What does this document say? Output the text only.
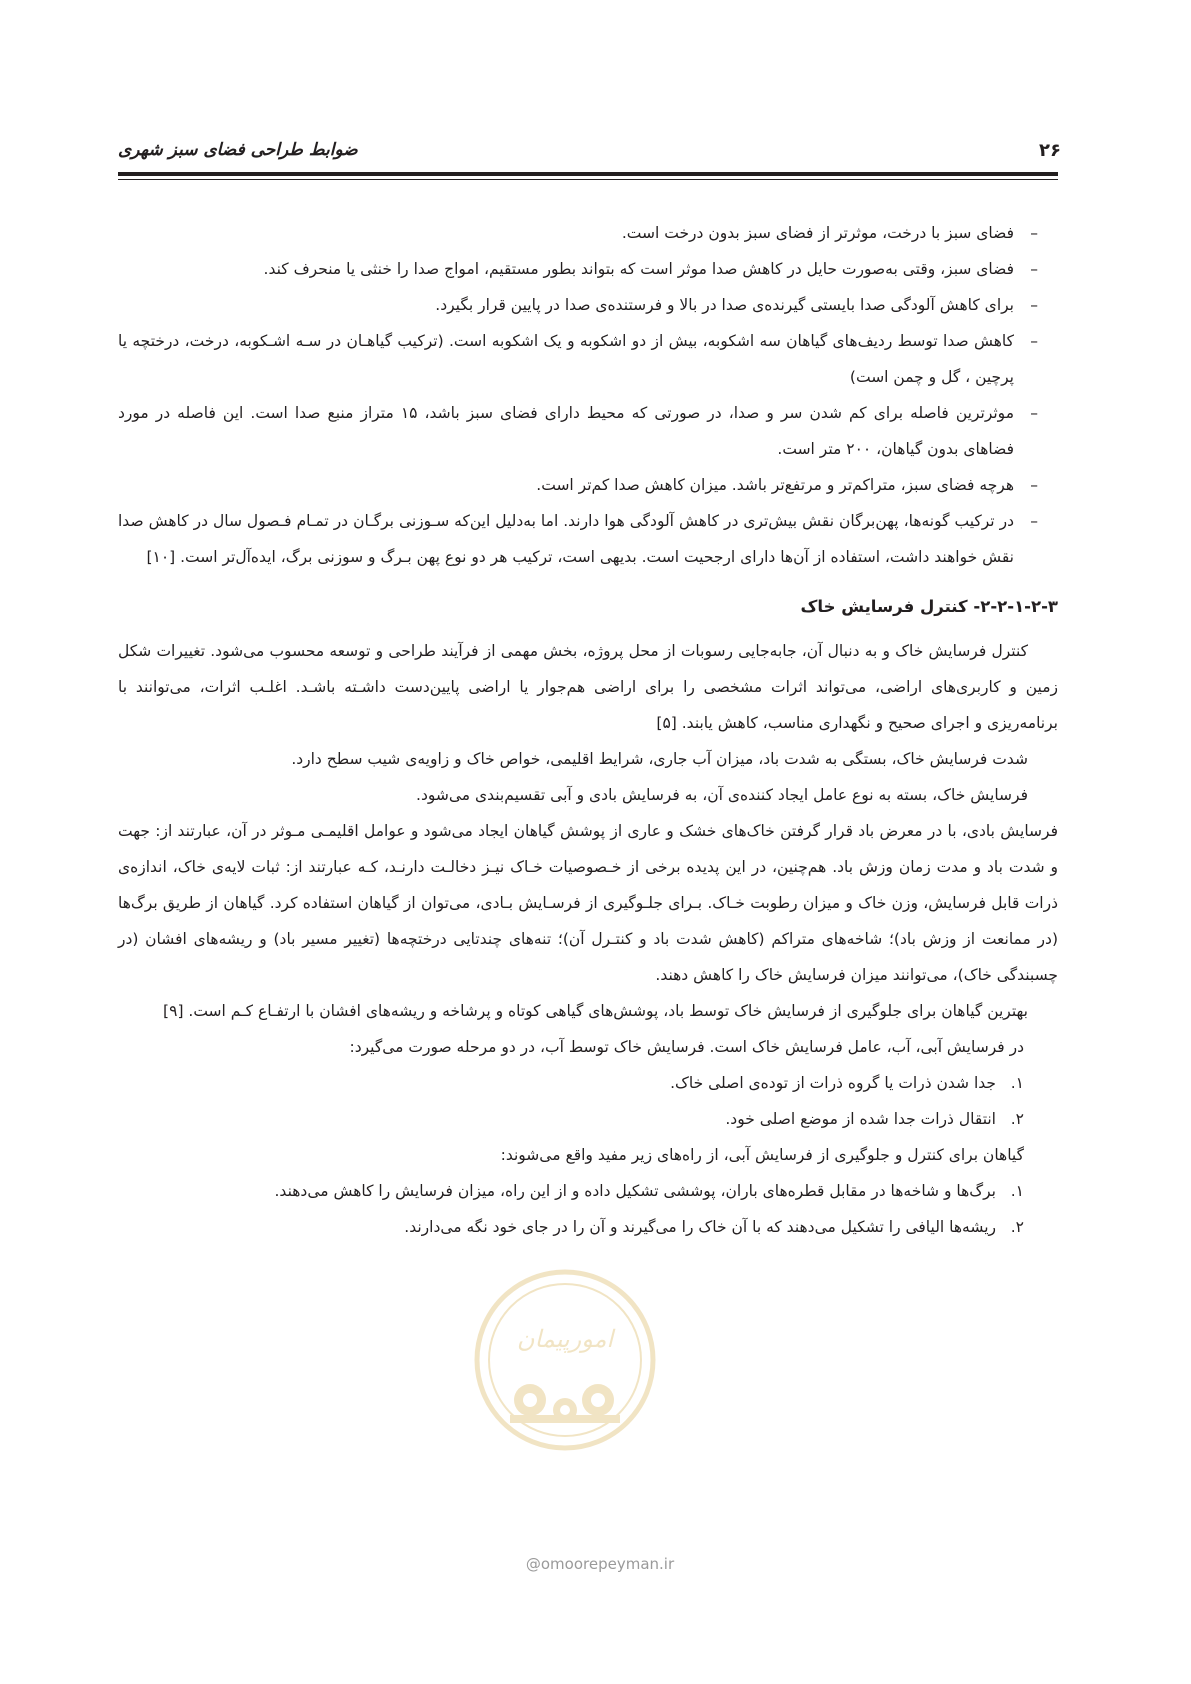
ضوابط طراحی فضای سبز شهری	۲۶
–
فضای سبز با درخت، موثرتر از فضای سبز بدون درخت است.
–
فضای سبز، وقتی به‌صورت حایل در کاهش صدا موثر است که بتواند بطور مستقیم، امواج صدا را خنثی یا منحرف کند.
–
برای کاهش آلودگی صدا بایستی گیرنده‌ی صدا در بالا و فرستنده‌ی صدا در پایین قرار بگیرد.
–
کاهش صدا توسط ردیف‌های گیاهان سه اشکوبه، بیش از دو اشکوبه و یک اشکوبه است. (ترکیب گیاهـان در سـه اشـکوبه، درخت، درختچه یا پرچین ، گل و چمن است)
–
موثرترین فاصله برای کم شدن سر و صدا، در صورتی که محیط دارای فضای سبز باشد، ۱۵ متراز منبع صدا است. این فاصله در مورد فضاهای بدون گیاهان، ۲۰۰ متر است.
–
هرچه فضای سبز، متراکم‌تر و مرتفع‌تر باشد. میزان کاهش صدا کم‌تر است.
–
در ترکیب گونه‌ها، پهن‌برگان نقش بیش‌تری در کاهش آلودگی هوا دارند. اما به‌دلیل این‌که سـوزنی برگـان در تمـام فـصول سال در کاهش صدا نقش خواهند داشت، استفاده از آن‌ها دارای ارجحیت است. بدیهی است، ترکیب هر دو نوع پهن بـرگ و سوزنی برگ، ایده‌آل‌تر است. [۱۰]
۲-۲-۱-۲-۳- کنترل فرسایش خاک

کنترل فرسایش خاک و به دنبال آن، جابه‌جایی رسوبات از محل پروژه، بخش مهمی از فرآیند طراحی و توسعه محسوب می‌شود. تغییرات شکل زمین و کاربری‌های اراضی، می‌تواند اثرات مشخصی را برای اراضی هم‌جوار یا اراضی پایین‌دست داشـته باشـد. اغلـب اثرات، می‌توانند با برنامه‌ریزی و اجرای صحیح و نگهداری مناسب، کاهش یابند. [۵]

شدت فرسایش خاک، بستگی به شدت باد، میزان آب جاری، شرایط اقلیمی، خواص خاک و زاویه‌ی شیب سطح دارد.

فرسایش خاک، بسته به نوع عامل ایجاد کننده‌ی آن، به فرسایش بادی و آبی تقسیم‌بندی می‌شود.

فرسایش بادی، با در معرض باد قرار گرفتن خاک‌های خشک و عاری از پوشش گیاهان ایجاد می‌شود و عوامل اقلیمـی مـوثر در آن، عبارتند از: جهت و شدت باد و مدت زمان وزش باد. هم‌چنین، در این پدیده برخی از خـصوصیات خـاک نیـز دخالـت دارنـد، کـه عبارتند از: ثبات لایه‌ی خاک، اندازه‌ی ذرات قابل فرسایش، وزن خاک و میزان رطوبت خـاک. بـرای جلـوگیری از فرسـایش بـادی، می‌توان از گیاهان استفاده کرد. گیاهان از طریق برگ‌ها (در ممانعت از وزش باد)؛ شاخه‌های متراکم (کاهش شدت باد و کنتـرل آن)؛ تنه‌های چندتایی درختچه‌ها (تغییر مسیر باد) و ریشه‌های افشان (در چسبندگی خاک)، می‌توانند میزان فرسایش خاک را کاهش دهند.

بهترین گیاهان برای جلوگیری از فرسایش خاک توسط باد، پوشش‌های گیاهی کوتاه و پرشاخه و ریشه‌های افشان با ارتفـاع کـم است. [۹]

در فرسایش آبی، آب، عامل فرسایش خاک است. فرسایش خاک توسط آب، در دو مرحله صورت می‌گیرد:

۱.
جدا شدن ذرات یا گروه ذرات از توده‌ی اصلی خاک.
۲.
انتقال ذرات جدا شده از موضع اصلی خود.

گیاهان برای کنترل و جلوگیری از فرسایش آبی، از راه‌های زیر مفید واقع می‌شوند:

۱.
برگ‌ها و شاخه‌ها در مقابل قطره‌های باران، پوششی تشکیل داده و از این راه، میزان فرسایش را کاهش می‌دهند.
۲.
ریشه‌ها الیافی را تشکیل می‌دهند که با آن خاک را می‌گیرند و آن را در جای خود نگه می‌دارند.
امورپیمان
@omoorepeyman.ir
